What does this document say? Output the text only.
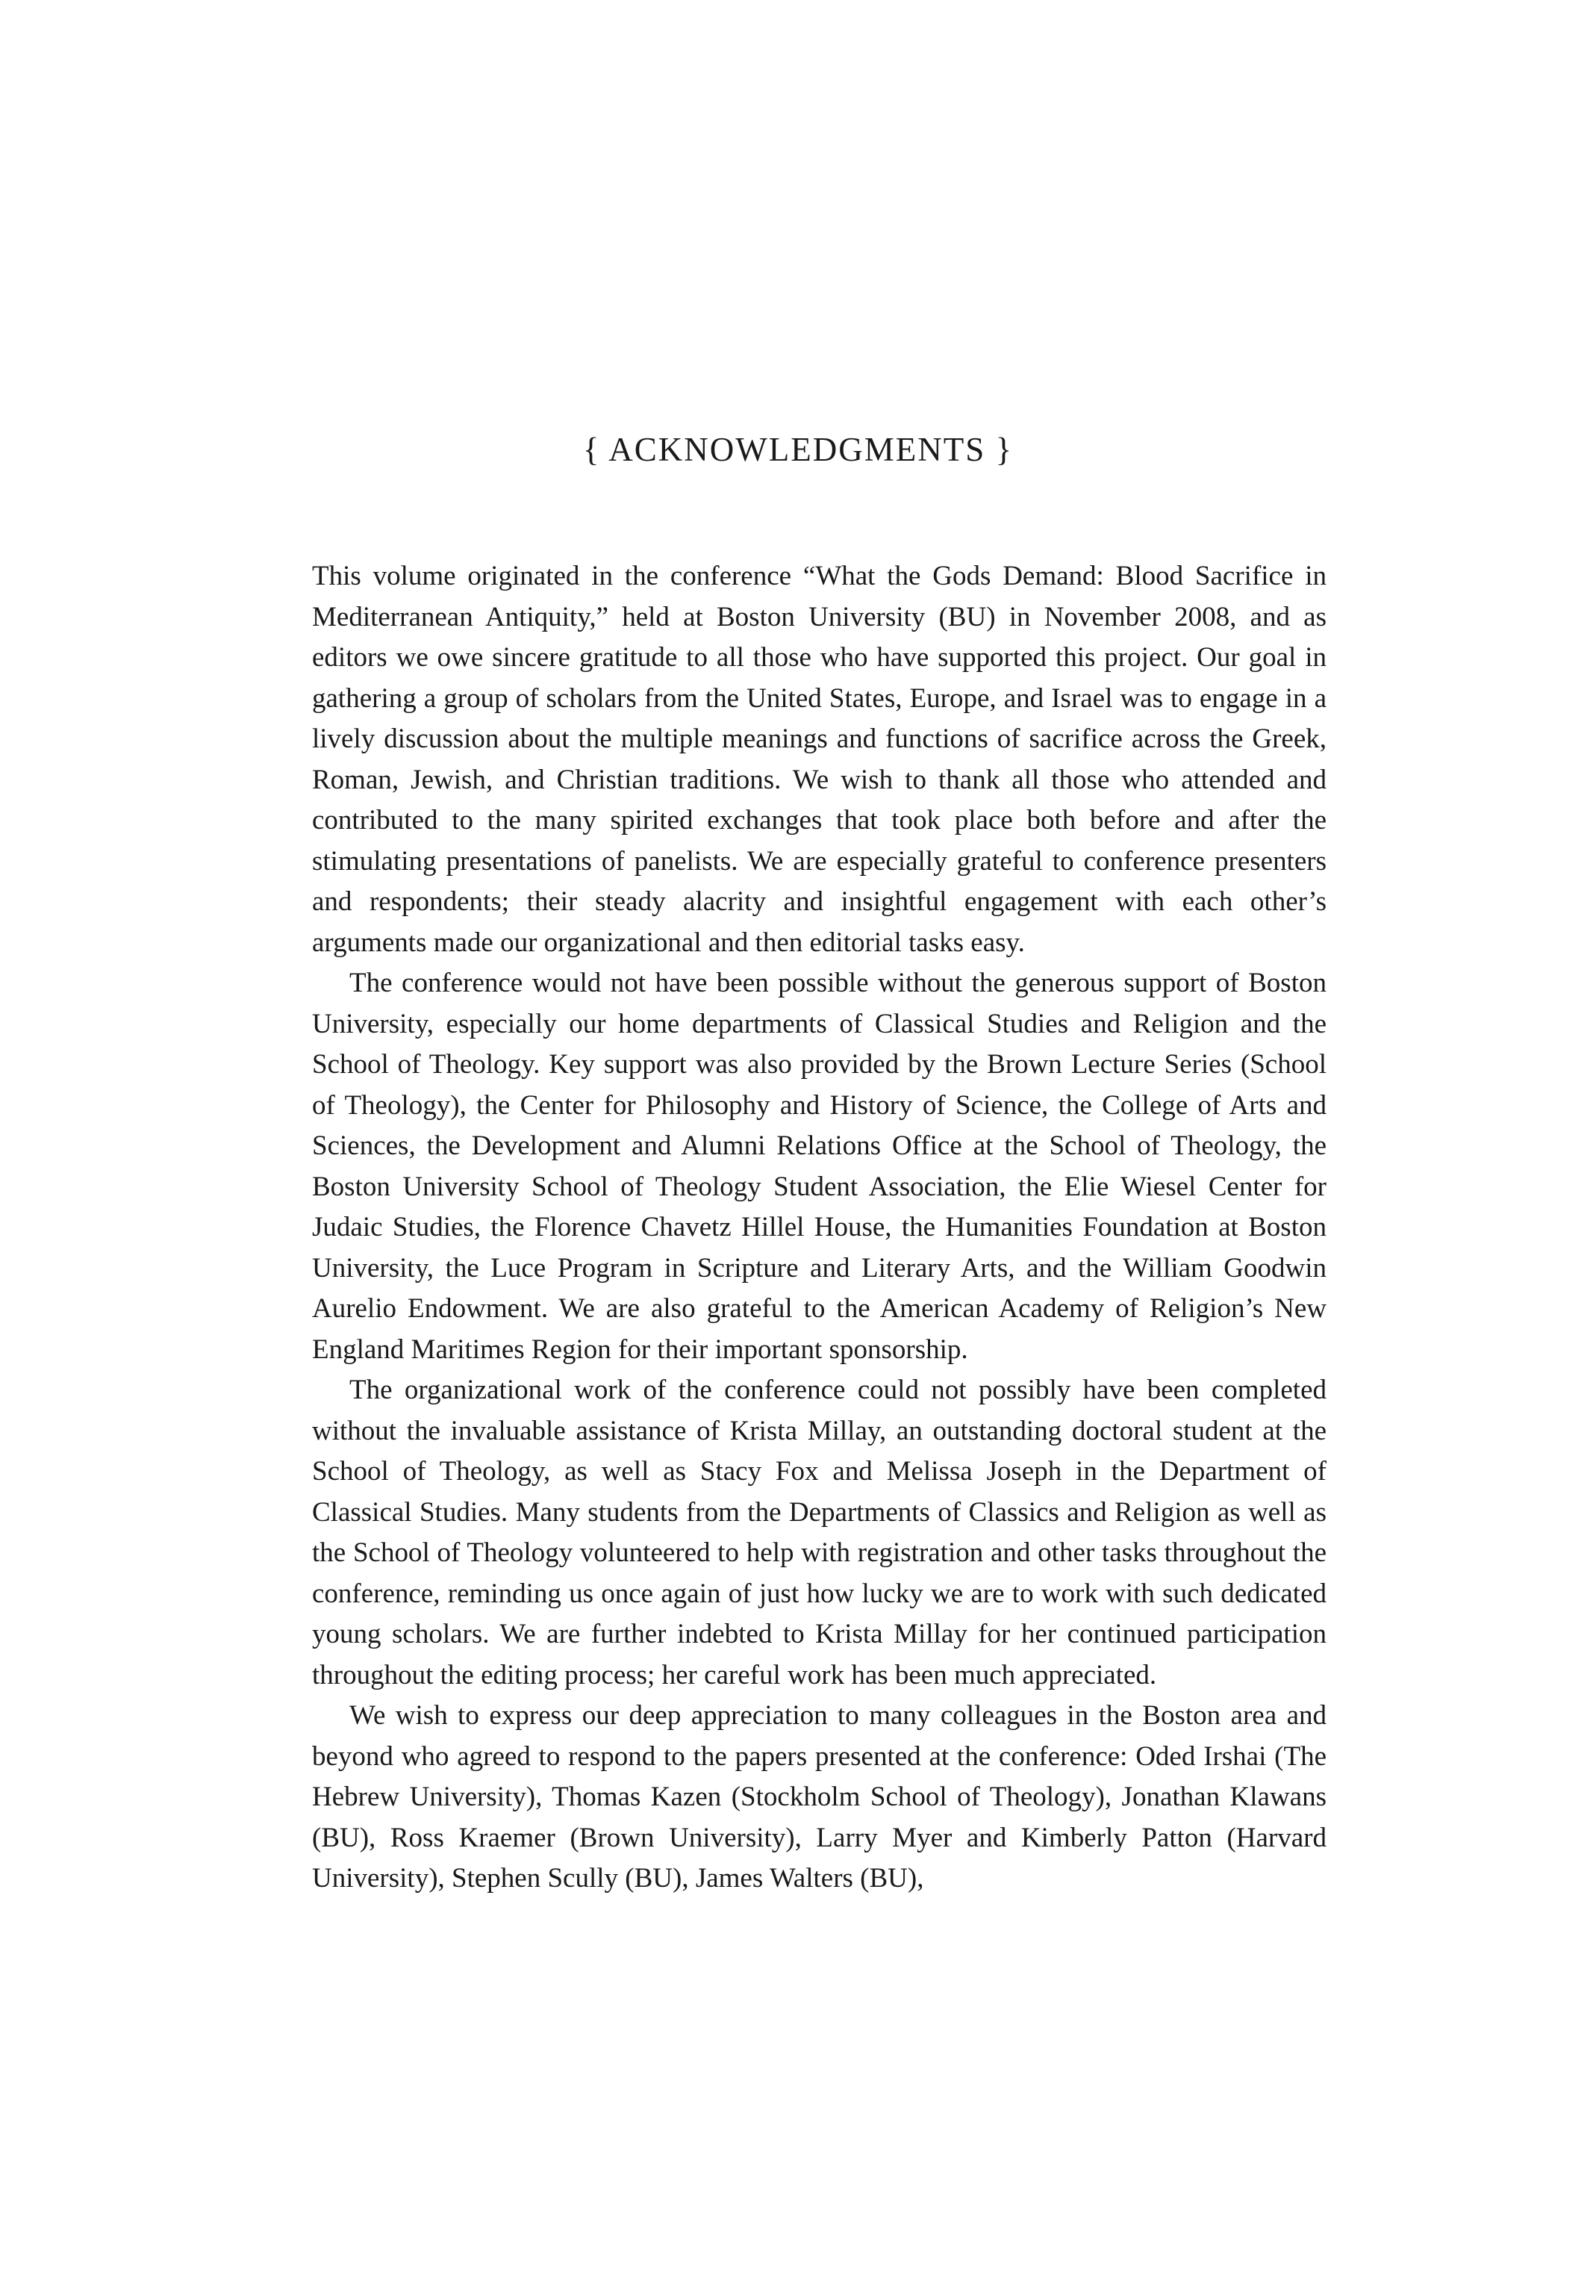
{ ACKNOWLEDGMENTS }

This volume originated in the conference “What the Gods Demand: Blood Sacrifice in Mediterranean Antiquity,” held at Boston University (BU) in November 2008, and as editors we owe sincere gratitude to all those who have supported this project. Our goal in gathering a group of scholars from the United States, Europe, and Israel was to engage in a lively discussion about the multiple meanings and functions of sacrifice across the Greek, Roman, Jewish, and Christian traditions. We wish to thank all those who attended and contributed to the many spirited exchanges that took place both before and after the stimulating presentations of panelists. We are especially grateful to conference presenters and respondents; their steady alacrity and insightful engagement with each other’s arguments made our organizational and then editorial tasks easy.

The conference would not have been possible without the generous support of Boston University, especially our home departments of Classical Studies and Religion and the School of Theology. Key support was also provided by the Brown Lecture Series (School of Theology), the Center for Philosophy and History of Science, the College of Arts and Sciences, the Development and Alumni Relations Office at the School of Theology, the Boston University School of Theology Student Association, the Elie Wiesel Center for Judaic Studies, the Florence Chavetz Hillel House, the Humanities Foundation at Boston University, the Luce Program in Scripture and Literary Arts, and the William Goodwin Aurelio Endowment. We are also grateful to the American Academy of Religion’s New England Maritimes Region for their important sponsorship.

The organizational work of the conference could not possibly have been completed without the invaluable assistance of Krista Millay, an outstanding doctoral student at the School of Theology, as well as Stacy Fox and Melissa Joseph in the Department of Classical Studies. Many students from the Departments of Classics and Religion as well as the School of Theology volunteered to help with registration and other tasks throughout the conference, reminding us once again of just how lucky we are to work with such dedicated young scholars. We are further indebted to Krista Millay for her continued participation throughout the editing process; her careful work has been much appreciated.

We wish to express our deep appreciation to many colleagues in the Boston area and beyond who agreed to respond to the papers presented at the conference: Oded Irshai (The Hebrew University), Thomas Kazen (Stockholm School of Theology), Jonathan Klawans (BU), Ross Kraemer (Brown University), Larry Myer and Kimberly Patton (Harvard University), Stephen Scully (BU), James Walters (BU),
